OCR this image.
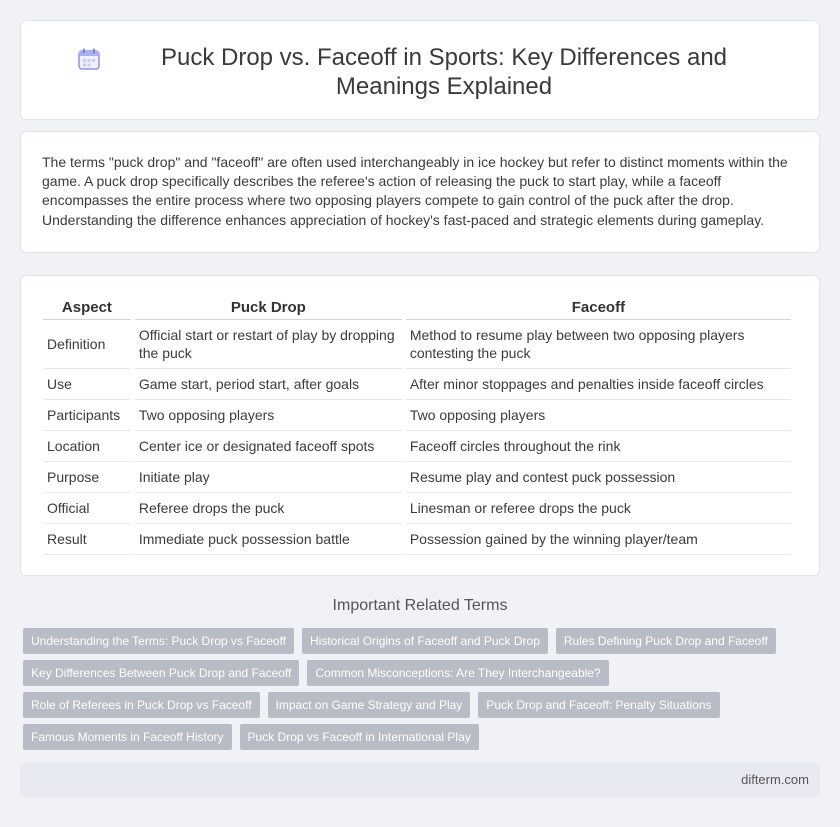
Puck Drop vs. Faceoff in Sports: Key Differences and Meanings Explained

The terms "puck drop" and "faceoff" are often used interchangeably in ice hockey but refer to distinct moments within the game. A puck drop specifically describes the referee's action of releasing the puck to start play, while a faceoff encompasses the entire process where two opposing players compete to gain control of the puck after the drop. Understanding the difference enhances appreciation of hockey's fast-paced and strategic elements during gameplay.

Aspect	Puck Drop	Faceoff
Definition	Official start or restart of play by dropping the puck	Method to resume play between two opposing players contesting the puck
Use	Game start, period start, after goals	After minor stoppages and penalties inside faceoff circles
Participants	Two opposing players	Two opposing players
Location	Center ice or designated faceoff spots	Faceoff circles throughout the rink
Purpose	Initiate play	Resume play and contest puck possession
Official	Referee drops the puck	Linesman or referee drops the puck
Result	Immediate puck possession battle	Possession gained by the winning player/team
Important Related Terms
Understanding the Terms: Puck Drop vs Faceoff	Historical Origins of Faceoff and Puck Drop	Rules Defining Puck Drop and Faceoff
Key Differences Between Puck Drop and Faceoff	Common Misconceptions: Are They Interchangeable?
Role of Referees in Puck Drop vs Faceoff	Impact on Game Strategy and Play	Puck Drop and Faceoff: Penalty Situations
Famous Moments in Faceoff History	Puck Drop vs Faceoff in International Play
difterm.com
